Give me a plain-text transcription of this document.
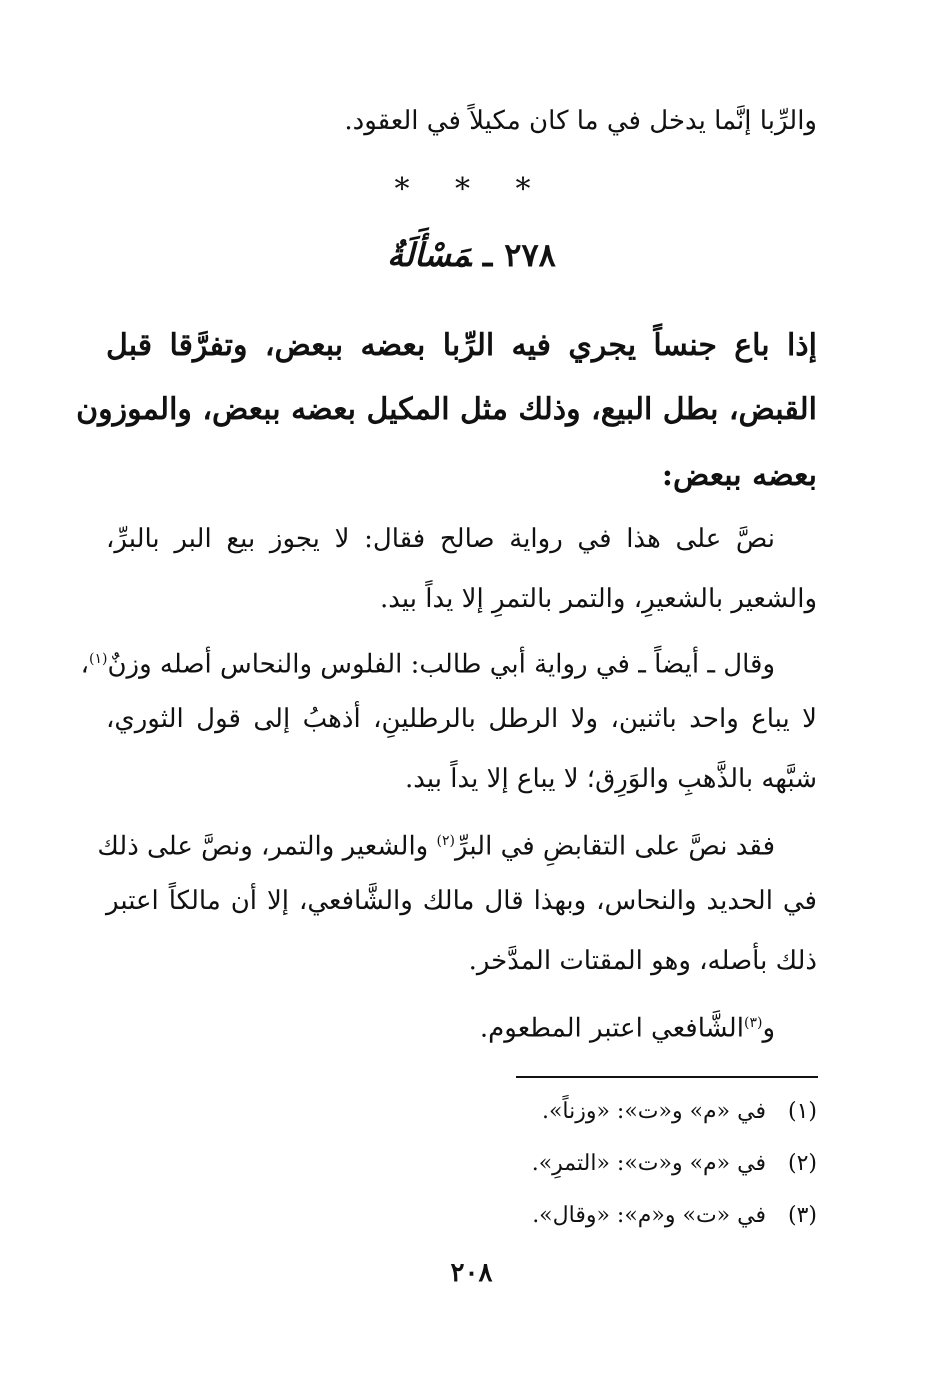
والرِّبا إنَّما يدخل في ما كان مكيلاً في العقود.
* * *
٢٧٨ـمَسْأَلَةٌ
إذا باع جنساً يجري فيه الرِّبا بعضه ببعض، وتفرَّقا قبل
القبض، بطل البيع، وذلك مثل المكيل بعضه ببعض، والموزون
بعضه ببعض:
نصَّ على هذا في رواية صالح فقال: لا يجوز بيع البر بالبرِّ،
والشعير بالشعيرِ، والتمر بالتمرِ إلا يداً بيد.
وقال ـ أيضاً ـ في رواية أبي طالب: الفلوس والنحاس أصله وزنٌ$^{(١)}$،
لا يباع واحد باثنين، ولا الرطل بالرطلينِ، أذهبُ إلى قول الثوري،
شبَّهه بالذَّهبِ والوَرِق؛ لا يباع إلا يداً بيد.
فقد نصَّ على التقابضِ في البرِّ$^{(٢)}$ والشعير والتمر، ونصَّ على ذلك
في الحديد والنحاس، وبهذا قال مالك والشَّافعي، إلا أن مالكاً اعتبر
ذلك بأصله، وهو المقتات المدَّخر.
و$^{(٣)}$الشَّافعي اعتبر المطعوم.
(١)في «م» و«ت»: «وزناً».
(٢)في «م» و«ت»: «التمرِ».
(٣)في «ت» و«م»: «وقال».
٢٠٨
